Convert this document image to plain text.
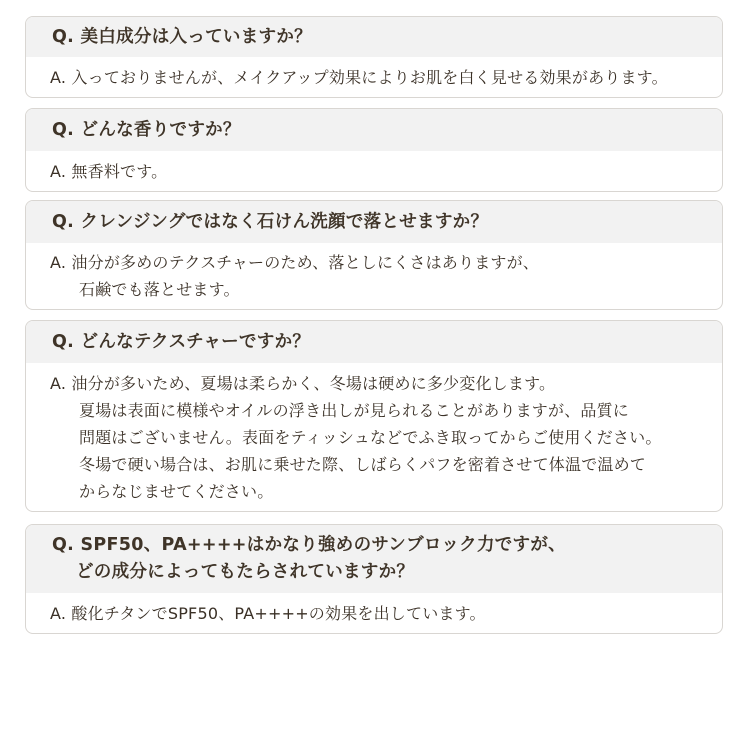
Q. 美白成分は入っていますか？
A. 入っておりませんが、メイクアップ効果によりお肌を白く見せる効果があります。
Q. どんな香りですか？
A. 無香料です。
Q. クレンジングではなく石けん洗顔で落とせますか？
A. 油分が多めのテクスチャーのため、落としにくさはありますが、
石鹸でも落とせます。
Q. どんなテクスチャーですか？
A. 油分が多いため、夏場は柔らかく、冬場は硬めに多少変化します。
夏場は表面に模様やオイルの浮き出しが見られることがありますが、品質に
問題はございません。表面をティッシュなどでふき取ってからご使用ください。
冬場で硬い場合は、お肌に乗せた際、しばらくパフを密着させて体温で温めて
からなじませてください。
Q. SPF50、PA++++はかなり強めのサンブロック力ですが、
どの成分によってもたらされていますか？
A. 酸化チタンでSPF50、PA++++の効果を出しています。
